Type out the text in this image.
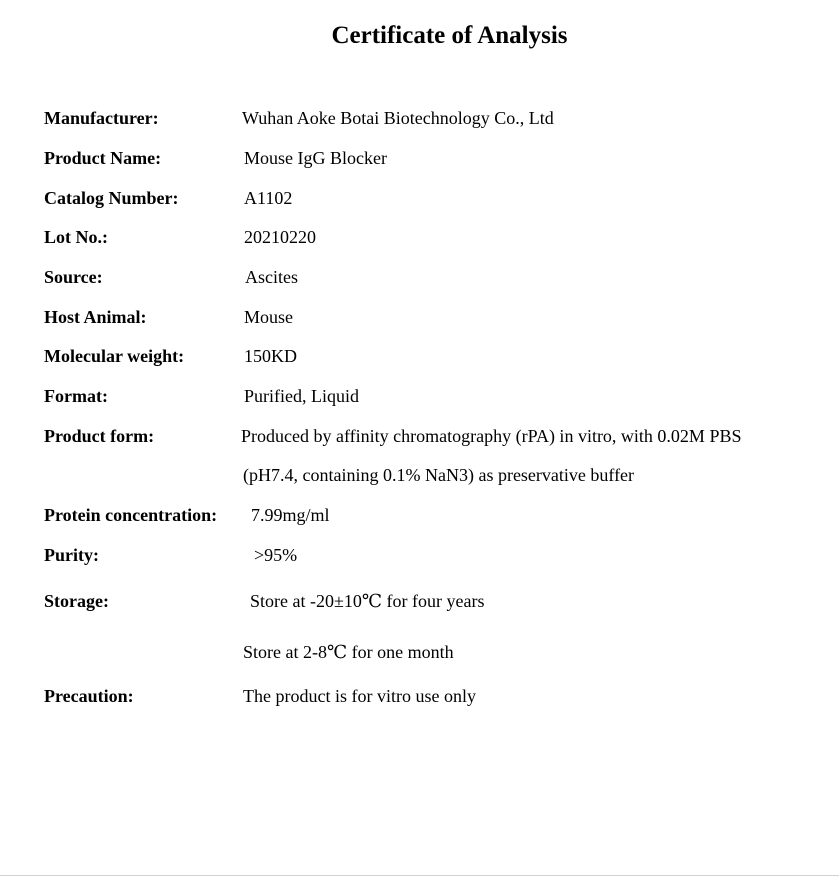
Certificate of Analysis
Manufacturer:	Wuhan Aoke Botai Biotechnology Co., Ltd
Product Name:	Mouse IgG Blocker
Catalog Number:	A1102
Lot No.:	20210220
Source:	Ascites
Host Animal:	Mouse
Molecular weight:	150KD
Format:	Purified, Liquid
Product form:	Produced by affinity chromatography (rPA) in vitro, with 0.02M PBS
(pH7.4, containing 0.1% NaN3) as preservative buffer
Protein concentration: 7.99mg/ml
Purity:	>95%
Storage:	Store at -20±10℃ for four years
Store at 2-8℃ for one month
Precaution:	The product is for vitro use only
